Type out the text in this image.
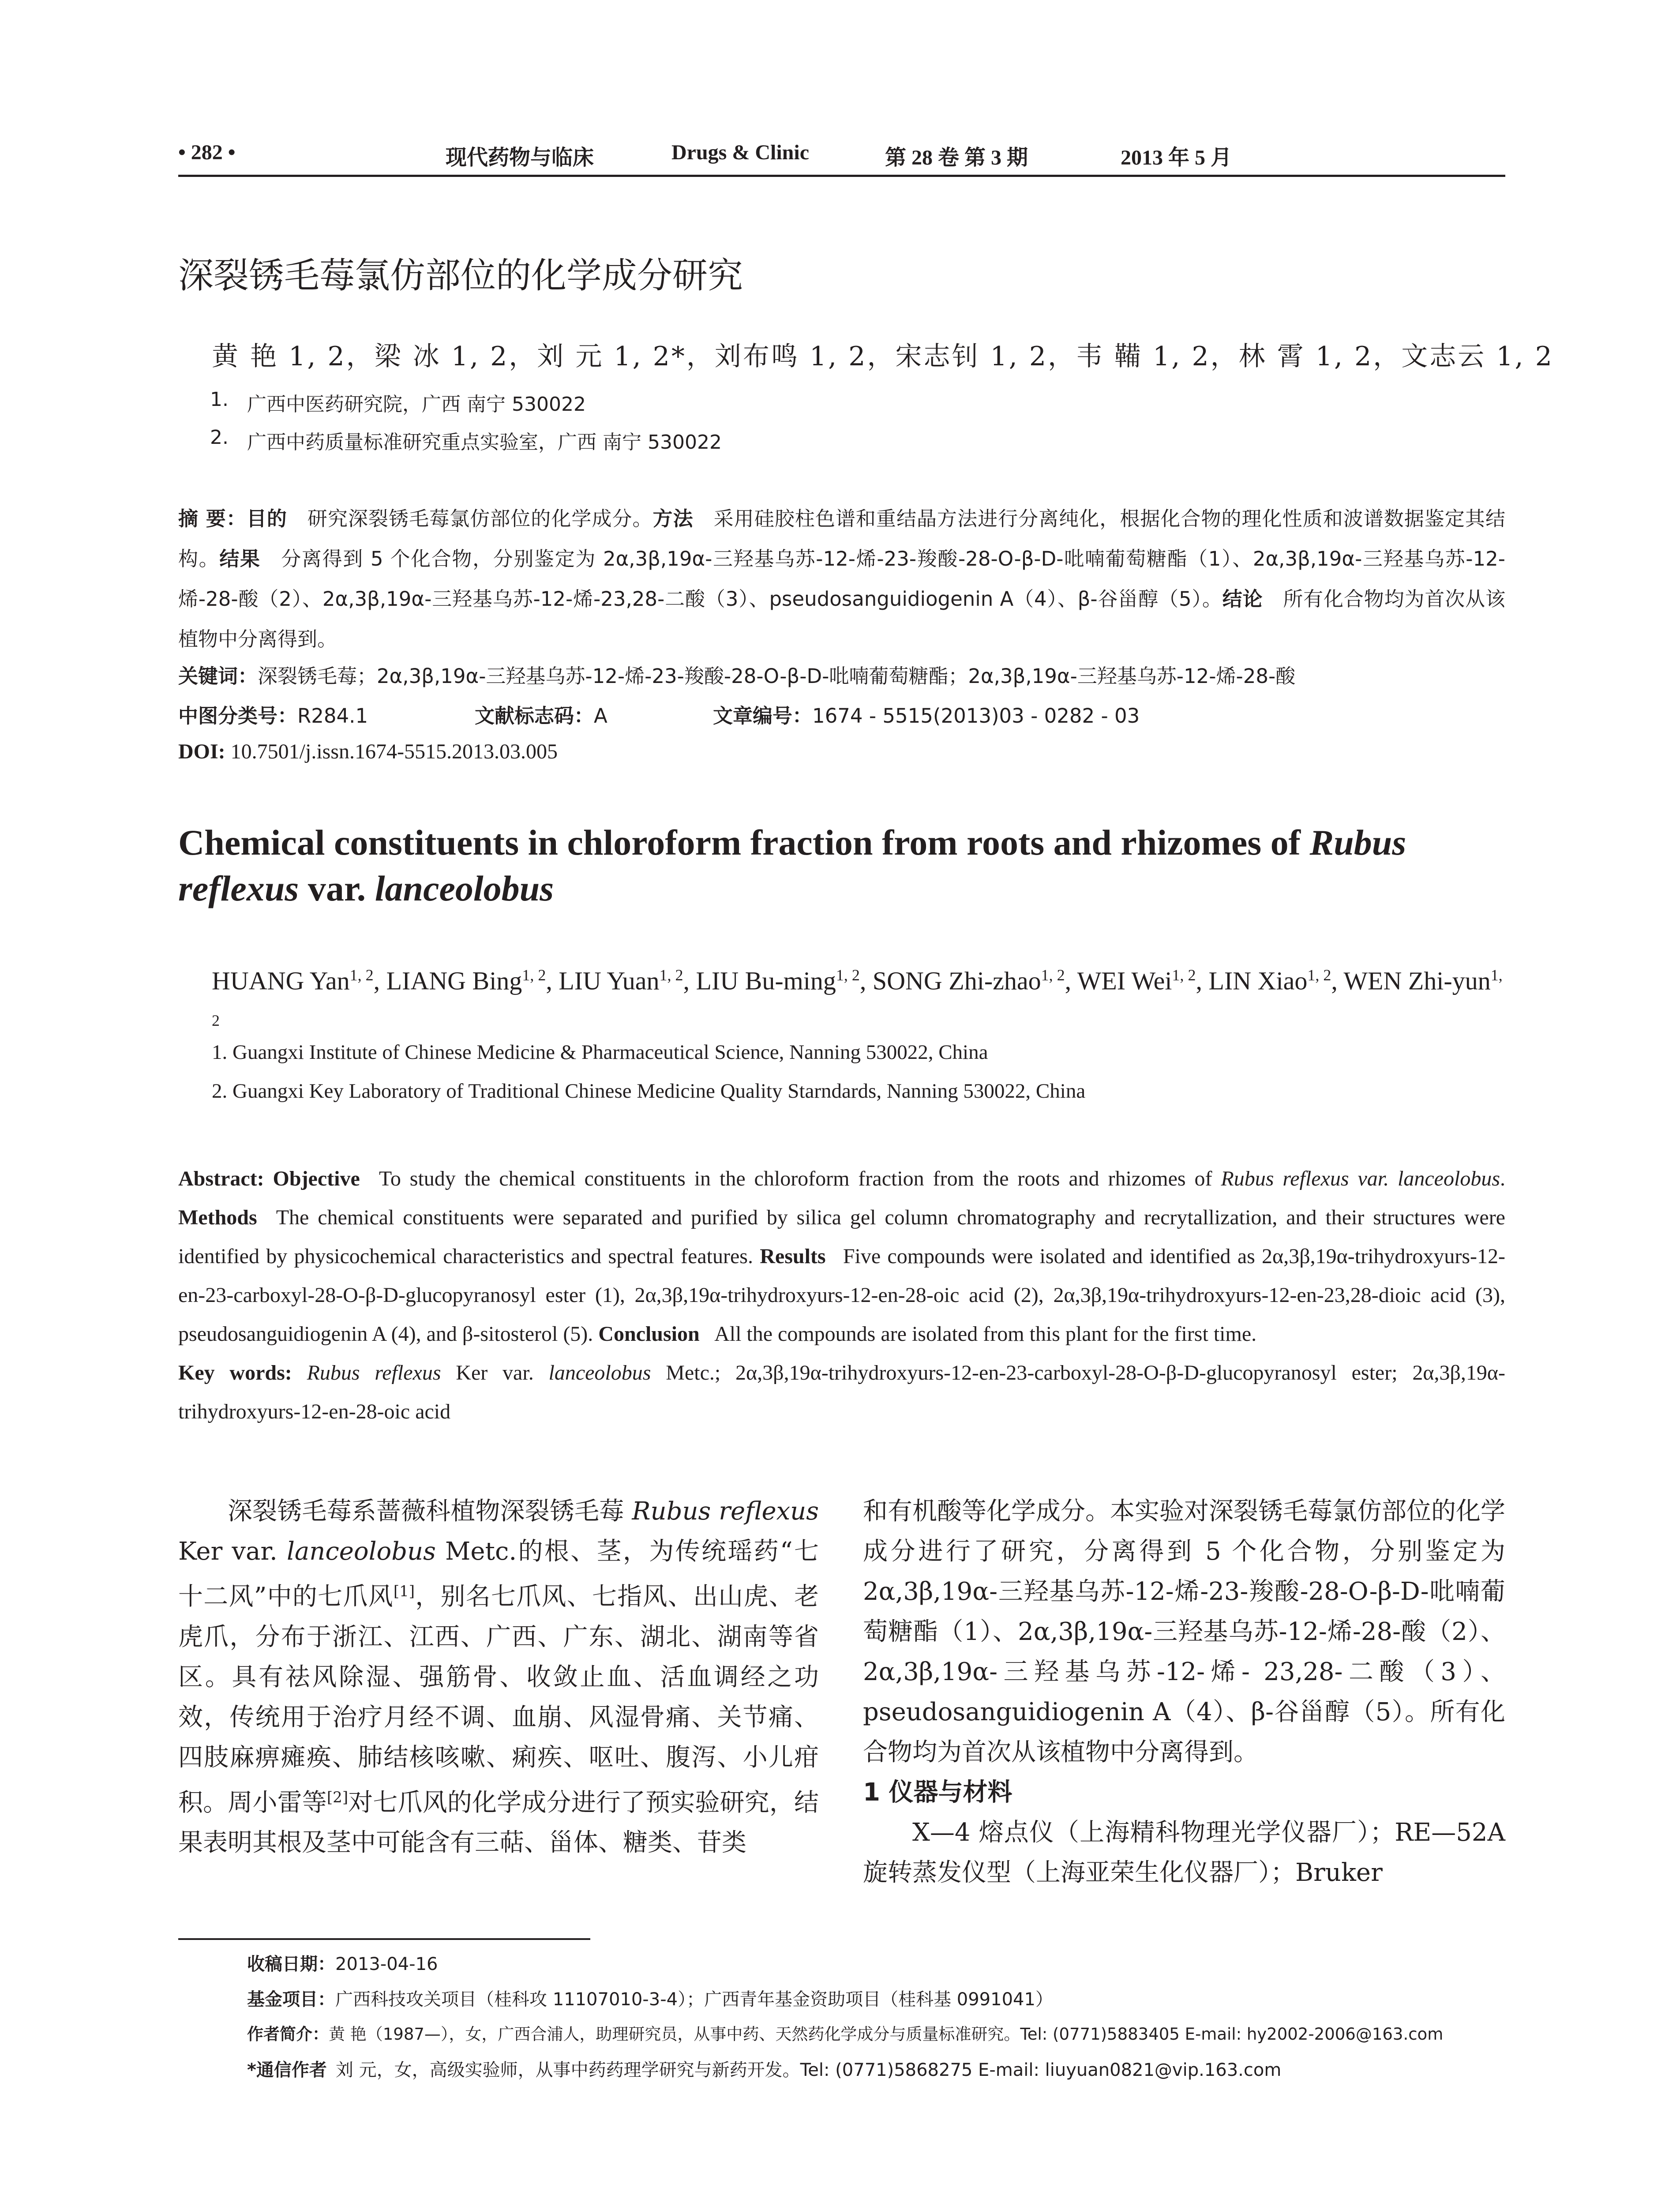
• 282 •	现代药物与临床	Drugs & Clinic	第 28 卷 第 3 期	2013 年 5 月
深裂锈毛莓氯仿部位的化学成分研究
黄 艳 1, 2，梁 冰 1, 2，刘 元 1, 2*，刘布鸣 1, 2，宋志钊 1, 2，韦 鞴 1, 2，林 霄 1, 2，文志云 1, 2
1. 广西中医药研究院，广西 南宁 530022
2. 广西中药质量标准研究重点实验室，广西 南宁 530022
摘 要：目的  研究深裂锈毛莓氯仿部位的化学成分。方法  采用硅胶柱色谱和重结晶方法进行分离纯化，根据化合物的理化性质和波谱数据鉴定其结构。结果  分离得到 5 个化合物，分别鉴定为 2α,3β,19α-三羟基乌苏-12-烯-23-羧酸-28-O-β-D-吡喃葡萄糖酯（1）、2α,3β,19α-三羟基乌苏-12-烯-28-酸（2）、2α,3β,19α-三羟基乌苏-12-烯-23,28-二酸（3）、pseudosanguidiogenin A（4）、β-谷甾醇（5）。结论  所有化合物均为首次从该植物中分离得到。
关键词：深裂锈毛莓；2α,3β,19α-三羟基乌苏-12-烯-23-羧酸-28-O-β-D-吡喃葡萄糖酯；2α,3β,19α-三羟基乌苏-12-烯-28-酸
中图分类号：R284.1	文献标志码：A	文章编号：1674 - 5515(2013)03 - 0282 - 03
DOI: 10.7501/j.issn.1674-5515.2013.03.005
Chemical constituents in chloroform fraction from roots and rhizomes of Rubus reflexus var. lanceolobus
HUANG Yan$^{1, 2}$, LIANG Bing$^{1, 2}$, LIU Yuan$^{1, 2}$, LIU Bu-ming$^{1, 2}$, SONG Zhi-zhao$^{1, 2}$, WEI Wei$^{1, 2}$, LIN Xiao$^{1, 2}$, WEN Zhi-yun$^{1, 2}$
1. Guangxi Institute of Chinese Medicine & Pharmaceutical Science, Nanning 530022, China
2. Guangxi Key Laboratory of Traditional Chinese Medicine Quality Starndards, Nanning 530022, China
Abstract: Objective  To study the chemical constituents in the chloroform fraction from the roots and rhizomes of Rubus reflexus var. lanceolobus. Methods  The chemical constituents were separated and purified by silica gel column chromatography and recrytallization, and their structures were identified by physicochemical characteristics and spectral features. Results  Five compounds were isolated and identified as 2α,3β,19α-trihydroxyurs-12-en-23-carboxyl-28-O-β-D-glucopyranosyl ester (1), 2α,3β,19α-trihydroxyurs-12-en-28-oic acid (2), 2α,3β,19α-trihydroxyurs-12-en-23,28-dioic acid (3), pseudosanguidiogenin A (4), and β-sitosterol (5). Conclusion  All the compounds are isolated from this plant for the first time.
Key words: Rubus reflexus Ker var. lanceolobus Metc.; 2α,3β,19α-trihydroxyurs-12-en-23-carboxyl-28-O-β-D-glucopyranosyl ester; 2α,3β,19α-trihydroxyurs-12-en-28-oic acid

深裂锈毛莓系蔷薇科植物深裂锈毛莓 Rubus reflexus Ker var. lanceolobus Metc.的根、茎，为传统瑶药“七十二风”中的七爪风[1]，别名七爪风、七指风、出山虎、老虎爪，分布于浙江、江西、广西、广东、湖北、湖南等省区。具有祛风除湿、强筋骨、收敛止血、活血调经之功效，传统用于治疗月经不调、血崩、风湿骨痛、关节痛、四肢麻痹瘫痪、肺结核咳嗽、痢疾、呕吐、腹泻、小儿疳积。周小雷等[2]对七爪风的化学成分进行了预实验研究，结果表明其根及茎中可能含有三萜、甾体、糖类、苷类

和有机酸等化学成分。本实验对深裂锈毛莓氯仿部位的化学成分进行了研究，分离得到 5 个化合物，分别鉴定为 2α,3β,19α-三羟基乌苏-12-烯-23-羧酸-28-O-β-D-吡喃葡萄糖酯（1）、2α,3β,19α-三羟基乌苏-12-烯-28-酸（2）、2α,3β,19α-三羟基乌苏-12-烯- 23,28-二酸（3）、pseudosanguidiogenin A（4）、β-谷甾醇（5）。所有化合物均为首次从该植物中分离得到。

1 仪器与材料

X—4 熔点仪（上海精科物理光学仪器厂）；RE—52A 旋转蒸发仪型（上海亚荣生化仪器厂）；Bruker

收稿日期：2013-04-16
基金项目：广西科技攻关项目（桂科攻 11107010-3-4）；广西青年基金资助项目（桂科基 0991041）
作者简介：黄 艳（1987—），女，广西合浦人，助理研究员，从事中药、天然药化学成分与质量标准研究。Tel: (0771)5883405 E-mail: hy2002-2006@163.com
*通信作者  刘 元，女，高级实验师，从事中药药理学研究与新药开发。Tel: (0771)5868275 E-mail: liuyuan0821@vip.163.com
